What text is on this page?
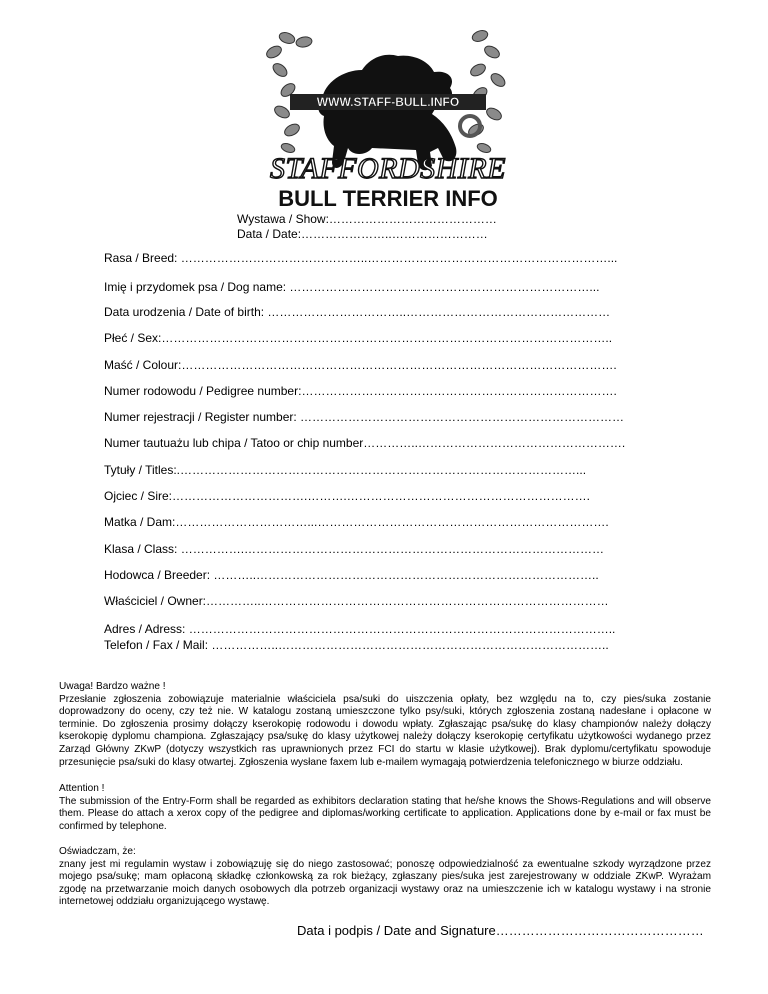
WWW.STAFF-BULL.INFO
STAFFORDSHIRE
BULL TERRIER INFO
Wystawa / Show:……………………………………
Data / Date:…………………..……………………
Rasa / Breed: ………………………………………..……………………………………………………...
Imię i przydomek psa / Dog name: …………………………………………………………………...
Data urodzenia / Date of birth: ……………………………..……………………………………………
Płeć / Sex:…………………………………………………………………………………………………..
Maść / Colour:……………………………………………………………………………………………….
Numer rodowodu / Pedigree number:…………………………………………………………………….
Numer rejestracji / Register number: ………………………………………………………………………
Numer tautuażu lub chipa / Tatoo or chip number…………..…………………………………………….
Tytuły / Titles:.………………………………………………………………………………………...
Ojciec / Sire:…………………………….……….…………………………………………………….
Matka / Dam:……………………………...……………………………………………………………….
Klasa / Class: …………….………………………………………………………………………………
Hodowca / Breeder: ………..…………………………………………………………………………..
Właściciel / Owner:…………..……………………………………………………………………………
Adres / Adress: ……………………………………………………………………………………………..
Telefon / Fax / Mail: ……………..………………………………………………………………………..

Uwaga! Bardzo ważne !

Przesłanie zgłoszenia zobowiązuje materialnie właściciela psa/suki do uiszczenia opłaty, bez względu na to, czy pies/suka zostanie doprowadzony do oceny, czy też nie. W katalogu zostaną umieszczone tylko psy/suki, których zgłoszenia zostaną nadesłane i opłacone w terminie. Do zgłoszenia prosimy dołączy kserokopię rodowodu i dowodu wpłaty. Zgłaszając psa/sukę do klasy championów należy dołączy kserokopię dyplomu championa. Zgłaszający psa/sukę do klasy użytkowej należy dołączy kserokopię certyfikatu użytkowości wydanego przez Zarząd Główny ZKwP (dotyczy wszystkich ras uprawnionych przez FCI do startu w klasie użytkowej). Brak dyplomu/certyfikatu spowoduje przesunięcie psa/suki do klasy otwartej. Zgłoszenia wysłane faxem lub e-mailem wymagają potwierdzenia telefonicznego w biurze oddziału.

Attention !

The submission of the Entry-Form shall be regarded as exhibitors declaration stating that he/she knows the Shows-Regulations and will observe them. Please do attach a xerox copy of the pedigree and diplomas/working certificate to application. Applications done by e-mail or fax must be confirmed by telephone.

Oświadczam, że:

znany jest mi regulamin wystaw i zobowiązuję się do niego zastosować; ponoszę odpowiedzialność za ewentualne szkody wyrządzone przez mojego psa/sukę; mam opłaconą składkę członkowską za rok bieżący, zgłaszany pies/suka jest zarejestrowany w oddziale ZKwP. Wyrażam zgodę na przetwarzanie moich danych osobowych dla potrzeb organizacji wystawy oraz na umieszczenie ich w katalogu wystawy i na stronie internetowej oddziału organizującego wystawę.

Data i podpis / Date and Signature…………………………………………
